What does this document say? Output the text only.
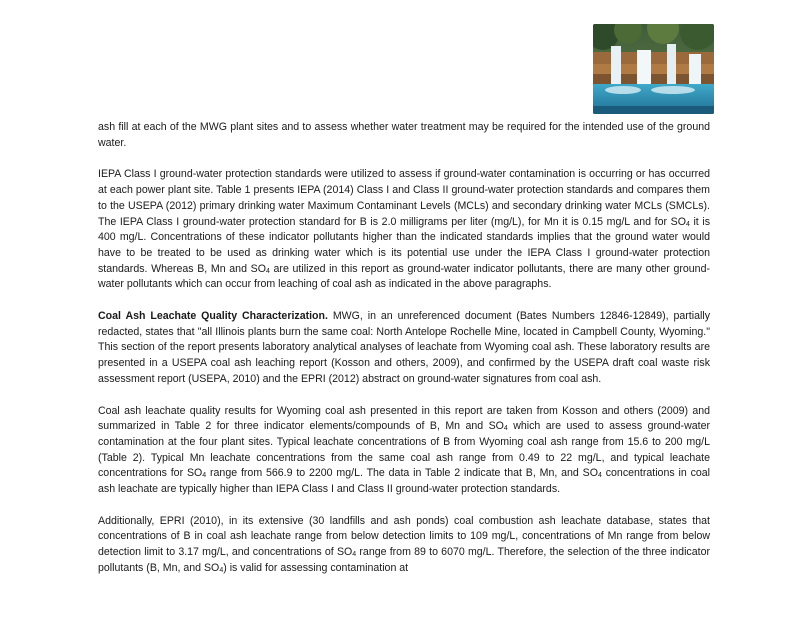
ash fill at each of the MWG plant sites and to assess whether water treatment may be required for the intended use of the ground water.

IEPA Class I ground-water protection standards were utilized to assess if ground-water contamination is occurring or has occurred at each power plant site. Table 1 presents IEPA (2014) Class I and Class II ground-water protection standards and compares them to the USEPA (2012) primary drinking water Maximum Contaminant Levels (MCLs) and secondary drinking water MCLs (SMCLs). The IEPA Class I ground-water protection standard for B is 2.0 milligrams per liter (mg/L), for Mn it is 0.15 mg/L and for $SO_4$ it is 400 mg/L. Concentrations of these indicator pollutants higher than the indicated standards implies that the ground water would have to be treated to be used as drinking water which is its potential use under the IEPA Class I ground-water protection standards. Whereas B, Mn and $SO_4$ are utilized in this report as ground-water indicator pollutants, there are many other ground-water pollutants which can occur from leaching of coal ash as indicated in the above paragraphs.

Coal Ash Leachate Quality Characterization. MWG, in an unreferenced document (Bates Numbers 12846-12849), partially redacted, states that "all Illinois plants burn the same coal: North Antelope Rochelle Mine, located in Campbell County, Wyoming." This section of the report presents laboratory analytical analyses of leachate from Wyoming coal ash. These laboratory results are presented in a USEPA coal ash leaching report (Kosson and others, 2009), and confirmed by the USEPA draft coal waste risk assessment report (USEPA, 2010) and the EPRI (2012) abstract on ground-water signatures from coal ash.

Coal ash leachate quality results for Wyoming coal ash presented in this report are taken from Kosson and others (2009) and summarized in Table 2 for three indicator elements/compounds of B, Mn and $SO_4$ which are used to assess ground-water contamination at the four plant sites. Typical leachate concentrations of B from Wyoming coal ash range from 15.6 to 200 mg/L (Table 2). Typical Mn leachate concentrations from the same coal ash range from 0.49 to 22 mg/L, and typical leachate concentrations for $SO_4$ range from 566.9 to 2200 mg/L. The data in Table 2 indicate that B, Mn, and $SO_4$ concentrations in coal ash leachate are typically higher than IEPA Class I and Class II ground-water protection standards.

Additionally, EPRI (2010), in its extensive (30 landfills and ash ponds) coal combustion ash leachate database, states that concentrations of B in coal ash leachate range from below detection limits to 109 mg/L, concentrations of Mn range from below detection limit to 3.17 mg/L, and concentrations of $SO_4$ range from 89 to 6070 mg/L. Therefore, the selection of the three indicator pollutants (B, Mn, and $SO_4$) is valid for assessing contamination at
